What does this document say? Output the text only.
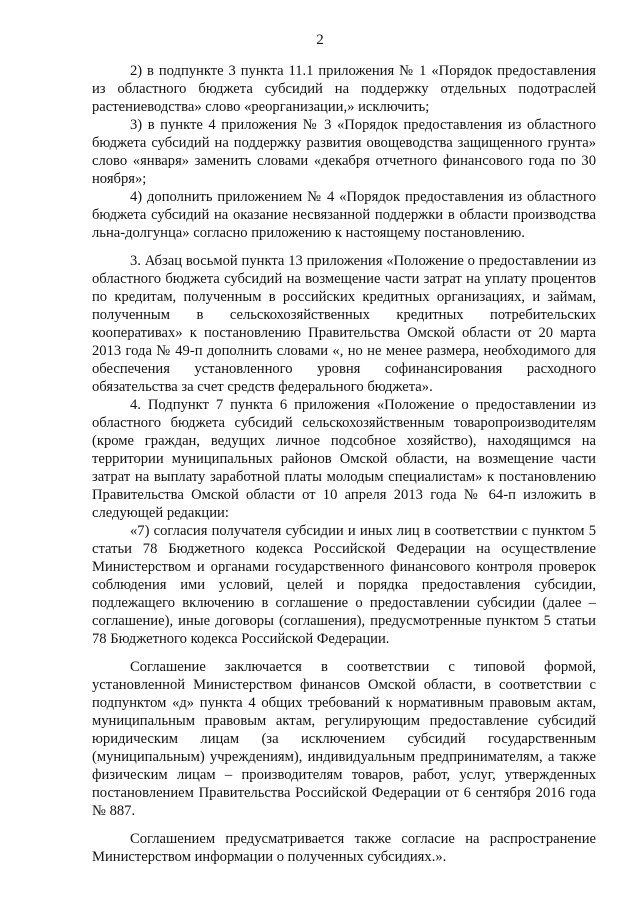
2

2) в подпункте 3 пункта 11.1 приложения № 1 «Порядок предоставления из областного бюджета субсидий на поддержку отдельных подотраслей растениеводства» слово «реорганизации,» исключить;

3) в пункте 4 приложения № 3 «Порядок предоставления из областного бюджета субсидий на поддержку развития овощеводства защищенного грунта» слово «января» заменить словами «декабря отчетного финансового года по 30 ноября»;

4) дополнить приложением № 4 «Порядок предоставления из областного бюджета субсидий на оказание несвязанной поддержки в области производства льна-долгунца» согласно приложению к настоящему постановлению.

3. Абзац восьмой пункта 13 приложения «Положение о предоставлении из областного бюджета субсидий на возмещение части затрат на уплату процентов по кредитам, полученным в российских кредитных организациях, и займам, полученным в сельскохозяйственных кредитных потребительских кооперативах» к постановлению Правительства Омской области от 20 марта 2013 года № 49-п дополнить словами «, но не менее размера, необходимого для обеспечения установленного уровня софинансирования расходного обязательства за счет средств федерального бюджета».

4. Подпункт 7 пункта 6 приложения «Положение о предоставлении из областного бюджета субсидий сельскохозяйственным товаропроизводителям (кроме граждан, ведущих личное подсобное хозяйство), находящимся на территории муниципальных районов Омской области, на возмещение части затрат на выплату заработной платы молодым специалистам» к постановлению Правительства Омской области от 10 апреля 2013 года № 64-п изложить в следующей редакции:

«7) согласия получателя субсидии и иных лиц в соответствии с пунктом 5 статьи 78 Бюджетного кодекса Российской Федерации на осуществление Министерством и органами государственного финансового контроля проверок соблюдения ими условий, целей и порядка предоставления субсидии, подлежащего включению в соглашение о предоставлении субсидии (далее – соглашение), иные договоры (соглашения), предусмотренные пунктом 5 статьи 78 Бюджетного кодекса Российской Федерации.

Соглашение заключается в соответствии с типовой формой, установленной Министерством финансов Омской области, в соответствии с подпунктом «д» пункта 4 общих требований к нормативным правовым актам, муниципальным правовым актам, регулирующим предоставление субсидий юридическим лицам (за исключением субсидий государственным (муниципальным) учреждениям), индивидуальным предпринимателям, а также физическим лицам – производителям товаров, работ, услуг, утвержденных постановлением Правительства Российской Федерации от 6 сентября 2016 года № 887.

Соглашением предусматривается также согласие на распространение Министерством информации о полученных субсидиях.».
